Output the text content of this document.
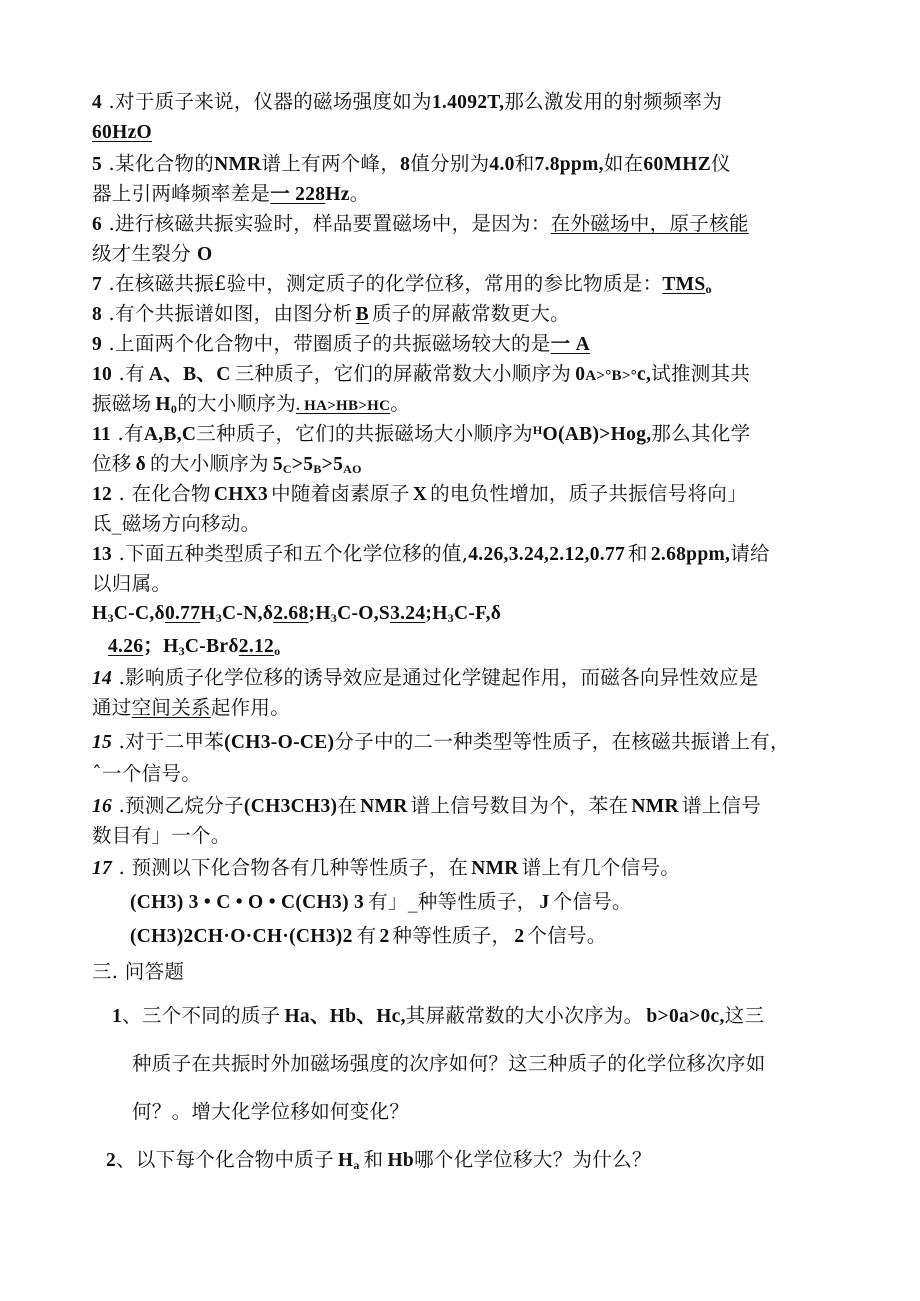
4 .对于质子来说，仪器的磁场强度如为1.4092T,那么激发用的射频频率为
60HzO
5 .某化合物的NMR谱上有两个峰，8值分别为4.0和7.8ppm,如在60MHZ仪
器上引两峰频率差是一 228Hz。
6 .进行核磁共振实验时，样品要置磁场中，是因为：在外磁场中，原子核能
级才生裂分 O
7 .在核磁共振£验中，测定质子的化学位移，常用的参比物质是：$TMS_o$
8 .有个共振谱如图，由图分析 B 质子的屏蔽常数更大。
9 .上面两个化合物中，带圈质子的共振磁场较大的是一 A
10 .有 A、B、C 三种质子，它们的屏蔽常数大小顺序为 0A>°B>°c,试推测其共
振磁场 $H_0$的大小顺序为. HA>HB>HC。
11 .有A,B,C三种质子，它们的共振磁场大小顺序为$^H$O(AB)>Hog,那么其化学
位移 δ 的大小顺序为 $5_C>5_B>5_{AO}$
12 . 在化合物 CHX3 中随着卤素原子 X 的电负性增加，质子共振信号将向」
氐_磁场方向移动。
13 .下面五种类型质子和五个化学位移的值,4.26,3.24,2.12,0.77 和 2.68ppm,请给
以归属。
$H_3C-C,\delta 0.77H_3C-N,\delta 2.68;H_3C-O,S3.24;H_3C-F,\delta$
4.26；$H_3C-Br\delta 2.12_o$
14 .影响质子化学位移的诱导效应是通过化学键起作用，而磁各向异性效应是
通过空间关系起作用。
15 .对于二甲苯(CH3-O-CE)分子中的二一种类型等性质子，在核磁共振谱上有，
ˆ一个信号。
16 .预测乙烷分子(CH3CH3)在 NMR 谱上信号数目为个，苯在 NMR 谱上信号
数目有」一个。
17 . 预测以下化合物各有几种等性质子，在 NMR 谱上有几个信号。
(CH3) 3 • C • O • C(CH3) 3 有」_种等性质子， J 个信号。
(CH3)2CH·O·CH·(CH3)2 有 2 种等性质子， 2 个信号。
三. 问答题
1、三个不同的质子 Ha、Hb、Hc,其屏蔽常数的大小次序为。 b>0a>0c,这三
种质子在共振时外加磁场强度的次序如何？这三种质子的化学位移次序如
何？。增大化学位移如何变化？
2、以下每个化合物中质子 $H_a$ 和 Hb哪个化学位移大？为什么？
